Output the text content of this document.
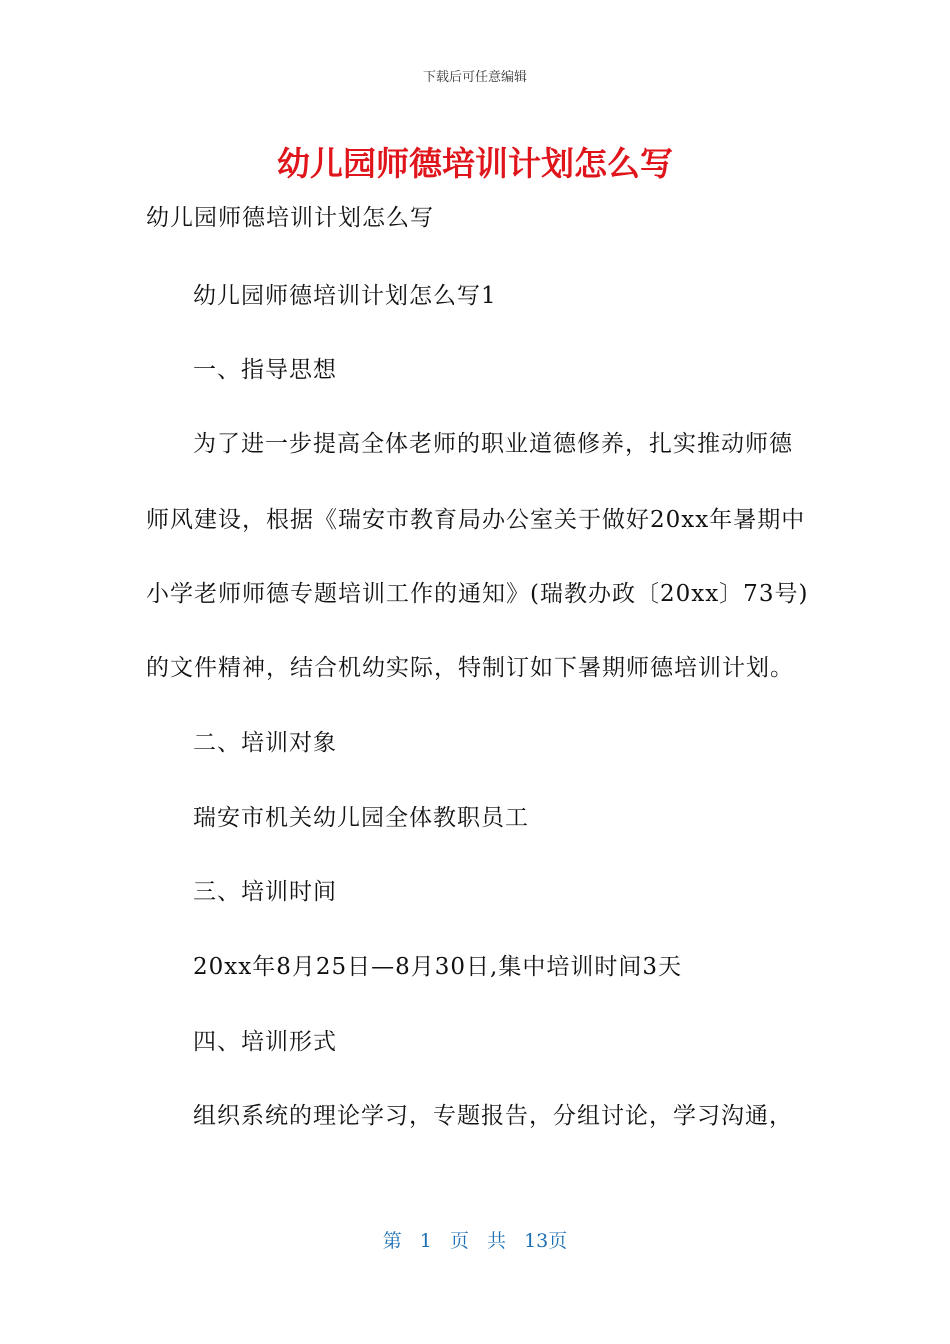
下载后可任意编辑
幼儿园师德培训计划怎么写
幼儿园师德培训计划怎么写
幼儿园师德培训计划怎么写1
一、指导思想
为了进一步提高全体老师的职业道德修养，扎实推动师德
师风建设，根据《瑞安市教育局办公室关于做好20xx年暑期中
小学老师师德专题培训工作的通知》(瑞教办政〔20xx〕73号)
的文件精神，结合机幼实际，特制订如下暑期师德培训计划。
二、培训对象
瑞安市机关幼儿园全体教职员工
三、培训时间
20xx年8月25日—8月30日,集中培训时间3天
四、培训形式
组织系统的理论学习，专题报告，分组讨论，学习沟通，
第 1 页 共 13页
